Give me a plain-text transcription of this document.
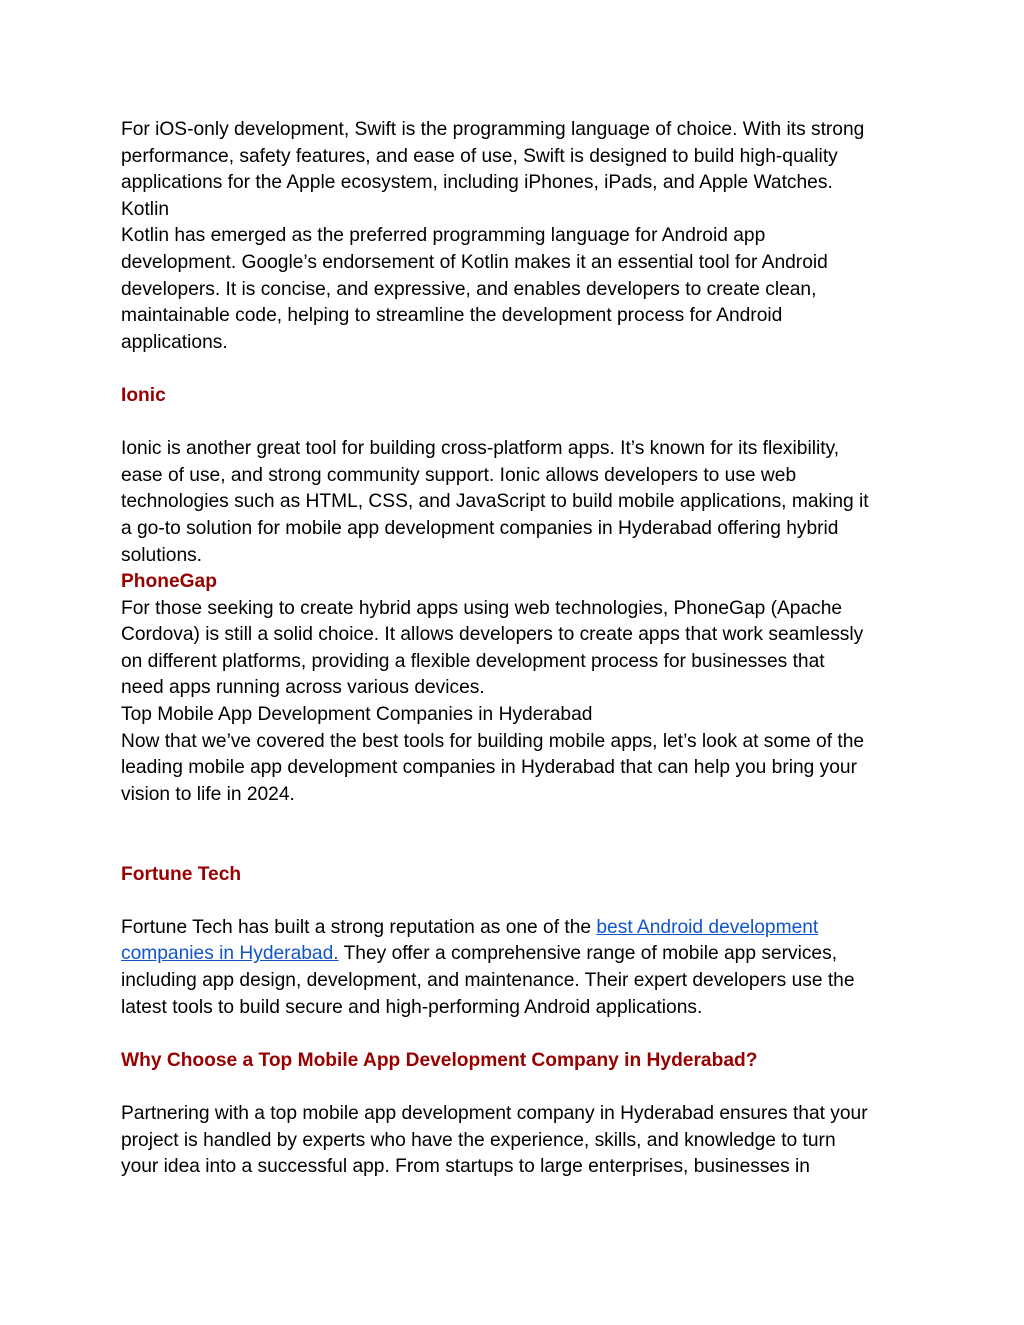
For iOS-only development, Swift is the programming language of choice. With its strong
performance, safety features, and ease of use, Swift is designed to build high-quality
applications for the Apple ecosystem, including iPhones, iPads, and Apple Watches.
Kotlin
Kotlin has emerged as the preferred programming language for Android app
development. Google’s endorsement of Kotlin makes it an essential tool for Android
developers. It is concise, and expressive, and enables developers to create clean,
maintainable code, helping to streamline the development process for Android
applications.
Ionic
Ionic is another great tool for building cross-platform apps. It’s known for its flexibility,
ease of use, and strong community support. Ionic allows developers to use web
technologies such as HTML, CSS, and JavaScript to build mobile applications, making it
a go-to solution for mobile app development companies in Hyderabad offering hybrid
solutions.
PhoneGap
For those seeking to create hybrid apps using web technologies, PhoneGap (Apache
Cordova) is still a solid choice. It allows developers to create apps that work seamlessly
on different platforms, providing a flexible development process for businesses that
need apps running across various devices.
Top Mobile App Development Companies in Hyderabad
Now that we’ve covered the best tools for building mobile apps, let’s look at some of the
leading mobile app development companies in Hyderabad that can help you bring your
vision to life in 2024.
Fortune Tech
Fortune Tech has built a strong reputation as one of the best Android development
companies in Hyderabad. They offer a comprehensive range of mobile app services,
including app design, development, and maintenance. Their expert developers use the
latest tools to build secure and high-performing Android applications.
Why Choose a Top Mobile App Development Company in Hyderabad?
Partnering with a top mobile app development company in Hyderabad ensures that your
project is handled by experts who have the experience, skills, and knowledge to turn
your idea into a successful app. From startups to large enterprises, businesses in
